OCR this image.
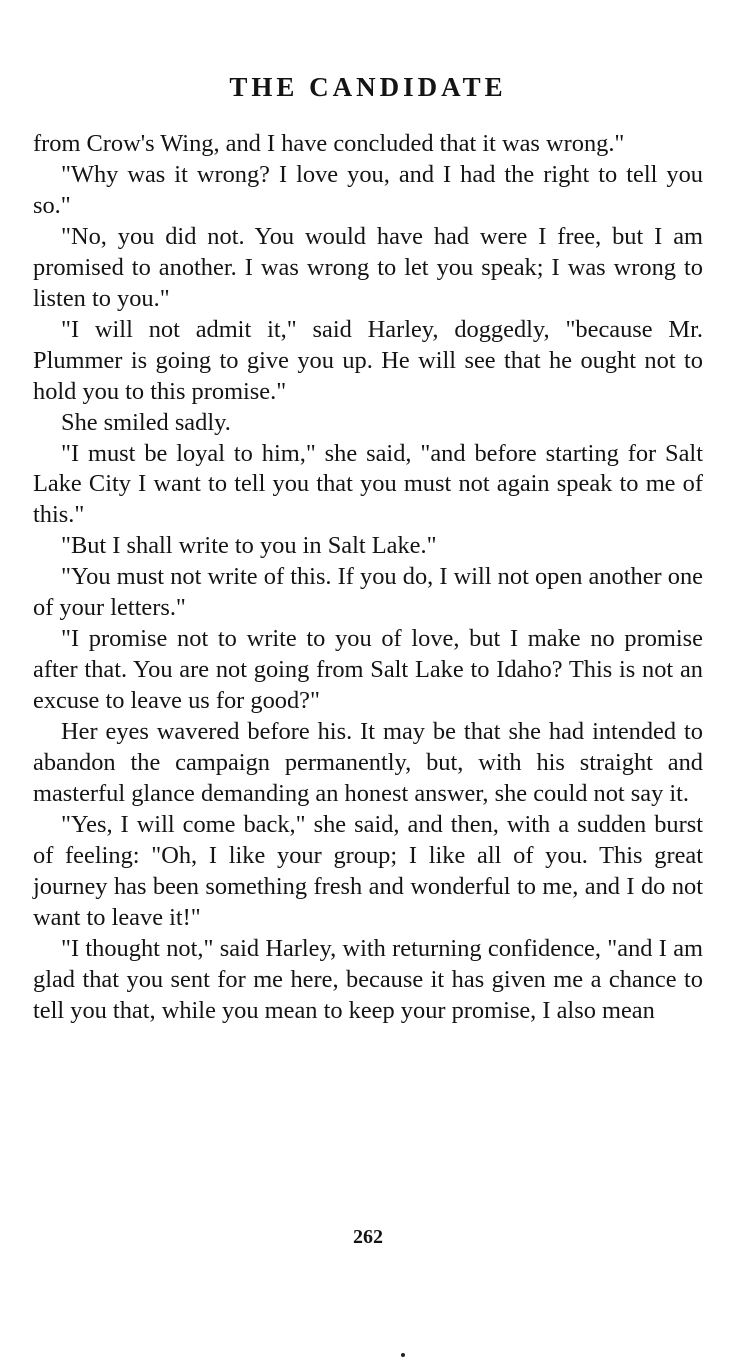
THE CANDIDATE

from Crow's Wing, and I have concluded that it was wrong."

"Why was it wrong? I love you, and I had the right to tell you so."

"No, you did not. You would have had were I free, but I am promised to another. I was wrong to let you speak; I was wrong to listen to you."

"I will not admit it," said Harley, doggedly, "because Mr. Plummer is going to give you up. He will see that he ought not to hold you to this promise."

She smiled sadly.

"I must be loyal to him," she said, "and before starting for Salt Lake City I want to tell you that you must not again speak to me of this."

"But I shall write to you in Salt Lake."

"You must not write of this. If you do, I will not open another one of your letters."

"I promise not to write to you of love, but I make no promise after that. You are not going from Salt Lake to Idaho? This is not an excuse to leave us for good?"

Her eyes wavered before his. It may be that she had intended to abandon the campaign permanently, but, with his straight and masterful glance demanding an honest answer, she could not say it.

"Yes, I will come back," she said, and then, with a sudden burst of feeling: "Oh, I like your group; I like all of you. This great journey has been something fresh and wonderful to me, and I do not want to leave it!"

"I thought not," said Harley, with returning confidence, "and I am glad that you sent for me here, because it has given me a chance to tell you that, while you mean to keep your promise, I also mean

262
